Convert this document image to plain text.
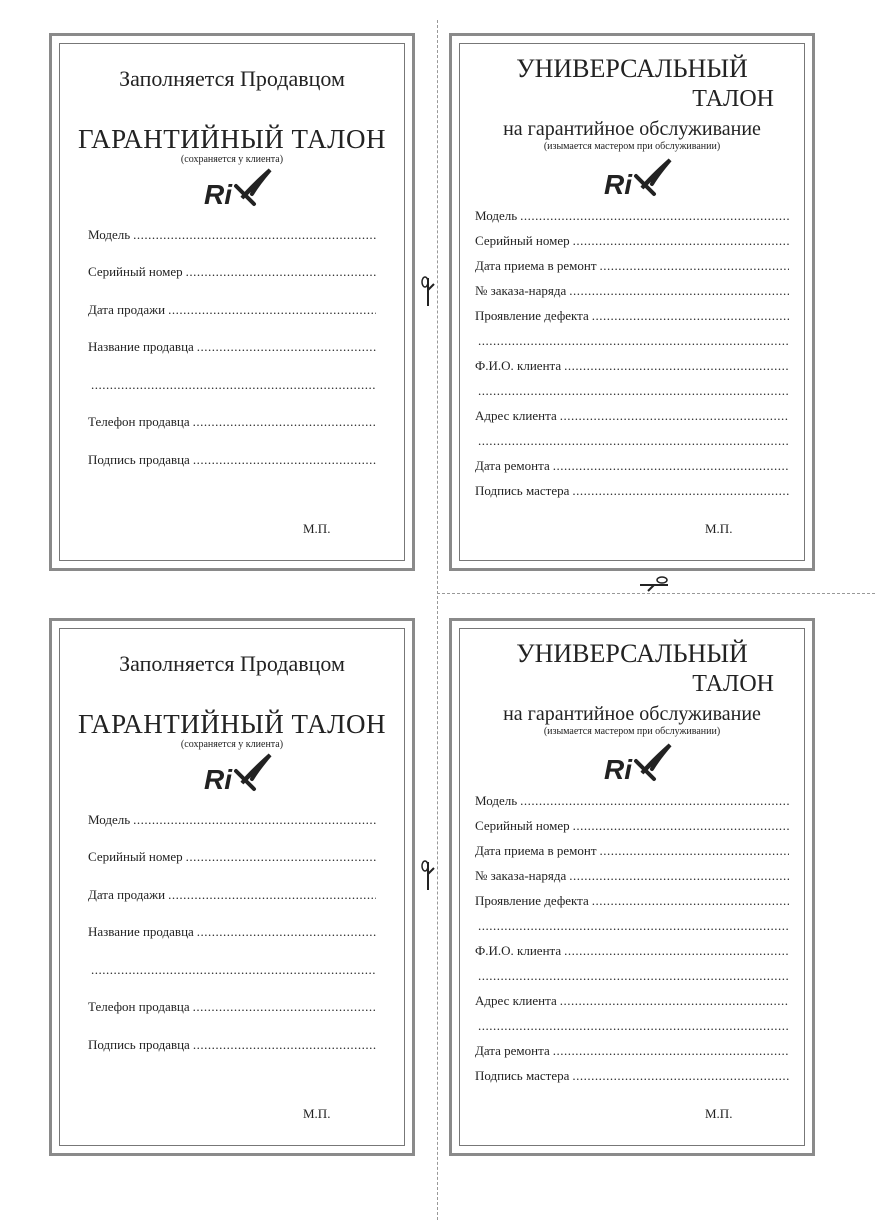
Заполняется Продавцом
ГАРАНТИЙНЫЙ ТАЛОН
(сохраняется у клиента)
Ri
Модель
.....
Серийный номер
.....
Дата продажи
.....
Название продавца
.....
.....
Телефон продавца
.....
Подпись продавца
.....
М.П.
УНИВЕРСАЛЬНЫЙ
ТАЛОН
на гарантийное обслуживание
(изымается мастером при обслуживании)
Ri
Модель
.....
Серийный номер
.....
Дата приема в ремонт
.....
№ заказа-наряда
.....
Проявление дефекта
.....
.....
Ф.И.О. клиента
.....
.....
Адрес клиента
.....
.....
Дата ремонта
.....
Подпись мастера
.....
М.П.
Заполняется Продавцом
ГАРАНТИЙНЫЙ ТАЛОН
(сохраняется у клиента)
Ri
Модель
.....
Серийный номер
.....
Дата продажи
.....
Название продавца
.....
.....
Телефон продавца
.....
Подпись продавца
.....
М.П.
УНИВЕРСАЛЬНЫЙ
ТАЛОН
на гарантийное обслуживание
(изымается мастером при обслуживании)
Ri
Модель
.....
Серийный номер
.....
Дата приема в ремонт
.....
№ заказа-наряда
.....
Проявление дефекта
.....
.....
Ф.И.О. клиента
.....
.....
Адрес клиента
.....
.....
Дата ремонта
.....
Подпись мастера
.....
М.П.
